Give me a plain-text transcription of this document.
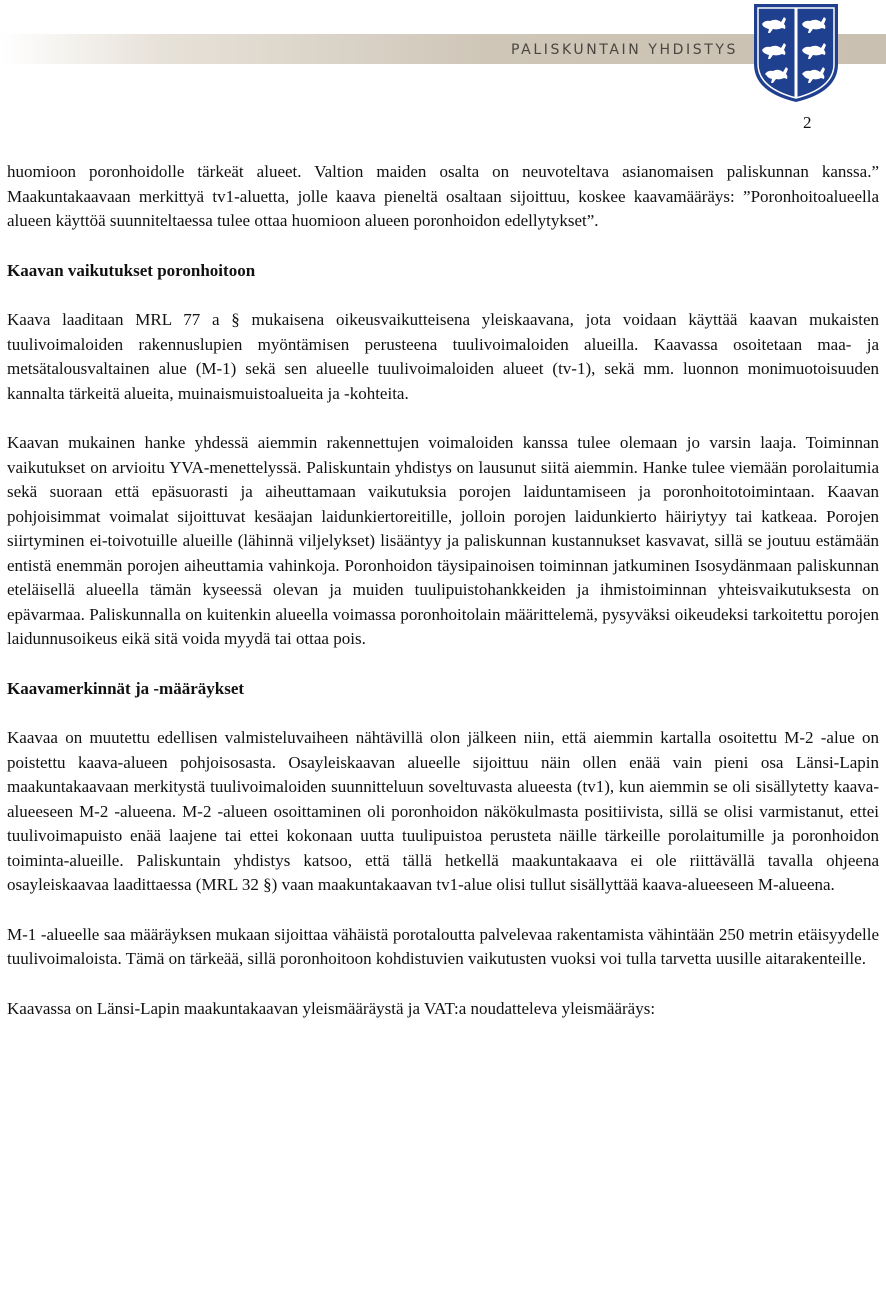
PALISKUNTAIN YHDISTYS
2

huomioon poronhoidolle tärkeät alueet. Valtion maiden osalta on neuvoteltava asianomaisen paliskunnan kanssa.” Maakuntakaavaan merkittyä tv1-aluetta, jolle kaava pieneltä osaltaan sijoittuu, koskee kaavamääräys: ”Poronhoitoalueella alueen käyttöä suunniteltaessa tulee ottaa huomioon alueen poronhoidon edellytykset”.

Kaavan vaikutukset poronhoitoon

Kaava laaditaan MRL 77 a § mukaisena oikeusvaikutteisena yleiskaavana, jota voidaan käyttää kaavan mukaisten tuulivoimaloiden rakennuslupien myöntämisen perusteena tuulivoimaloiden alueilla. Kaavassa osoitetaan maa- ja metsätalousvaltainen alue (M-1) sekä sen alueelle tuulivoimaloiden alueet (tv-1), sekä mm. luonnon monimuotoisuuden kannalta tärkeitä alueita, muinaismuistoalueita ja -kohteita.

Kaavan mukainen hanke yhdessä aiemmin rakennettujen voimaloiden kanssa tulee olemaan jo varsin laaja. Toiminnan vaikutukset on arvioitu YVA-menettelyssä. Paliskuntain yhdistys on lausunut siitä aiemmin. Hanke tulee viemään porolaitumia sekä suoraan että epäsuorasti ja aiheuttamaan vaikutuksia porojen laiduntamiseen ja poronhoitotoimintaan. Kaavan pohjoisimmat voimalat sijoittuvat kesäajan laidunkiertoreitille, jolloin porojen laidunkierto häiriytyy tai katkeaa. Porojen siirtyminen ei-toivotuille alueille (lähinnä viljelykset) lisääntyy ja paliskunnan kustannukset kasvavat, sillä se joutuu estämään entistä enemmän porojen aiheuttamia vahinkoja. Poronhoidon täysipainoisen toiminnan jatkuminen Isosydänmaan paliskunnan eteläisellä alueella tämän kyseessä olevan ja muiden tuulipuistohankkeiden ja ihmistoiminnan yhteisvaikutuksesta on epävarmaa. Paliskunnalla on kuitenkin alueella voimassa poronhoitolain määrittelemä, pysyväksi oikeudeksi tarkoitettu porojen laidunnusoikeus eikä sitä voida myydä tai ottaa pois.

Kaavamerkinnät ja -määräykset

Kaavaa on muutettu edellisen valmisteluvaiheen nähtävillä olon jälkeen niin, että aiemmin kartalla osoitettu M-2 -alue on poistettu kaava-alueen pohjoisosasta. Osayleiskaavan alueelle sijoittuu näin ollen enää vain pieni osa Länsi-Lapin maakuntakaavaan merkitystä tuulivoimaloiden suunnitteluun soveltuvasta alueesta (tv1), kun aiemmin se oli sisällytetty kaava-alueeseen M-2 -alueena. M-2 -alueen osoittaminen oli poronhoidon näkökulmasta positiivista, sillä se olisi varmistanut, ettei tuulivoimapuisto enää laajene tai ettei kokonaan uutta tuulipuistoa perusteta näille tärkeille porolaitumille ja poronhoidon toiminta-alueille. Paliskuntain yhdistys katsoo, että tällä hetkellä maakuntakaava ei ole riittävällä tavalla ohjeena osayleiskaavaa laadittaessa (MRL 32 §) vaan maakuntakaavan tv1-alue olisi tullut sisällyttää kaava-alueeseen M-alueena.

M-1 -alueelle saa määräyksen mukaan sijoittaa vähäistä porotaloutta palvelevaa rakentamista vähintään 250 metrin etäisyydelle tuulivoimaloista. Tämä on tärkeää, sillä poronhoitoon kohdistuvien vaikutusten vuoksi voi tulla tarvetta uusille aitarakenteille.

Kaavassa on Länsi-Lapin maakuntakaavan yleismääräystä ja VAT:a noudatteleva yleismääräys:
